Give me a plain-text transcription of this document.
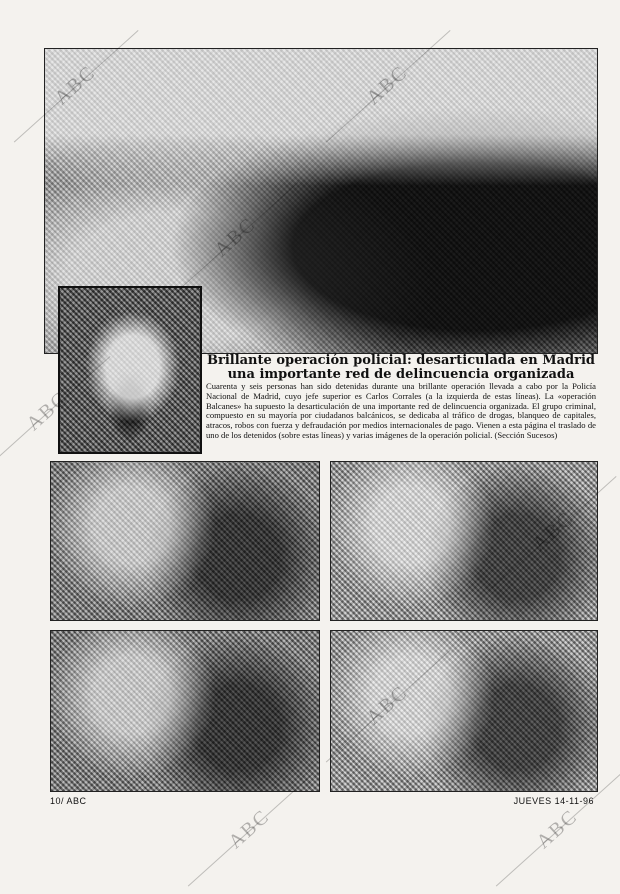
Brillante operación policial: desarticulada en Madrid una importante red de delincuencia organizada

Cuarenta y seis personas han sido detenidas durante una brillante operación llevada a cabo por la Policía Nacional de Madrid, cuyo jefe superior es Carlos Corrales (a la izquierda de estas líneas). La «operación Balcanes» ha supuesto la desarticulación de una importante red de delincuencia organizada. El grupo criminal, compuesto en su mayoría por ciudadanos balcánicos, se dedicaba al tráfico de drogas, blanqueo de capitales, atracos, robos con fuerza y defraudación por medios internacionales de pago. Vienen a esta página el traslado de uno de los detenidos (sobre estas líneas) y varias imágenes de la operación policial. (Sección Sucesos)

10/ ABC	JUEVES 14-11-96
ABC	ABC
ABC
ABC
ABC
ABC
ABC	ABC
